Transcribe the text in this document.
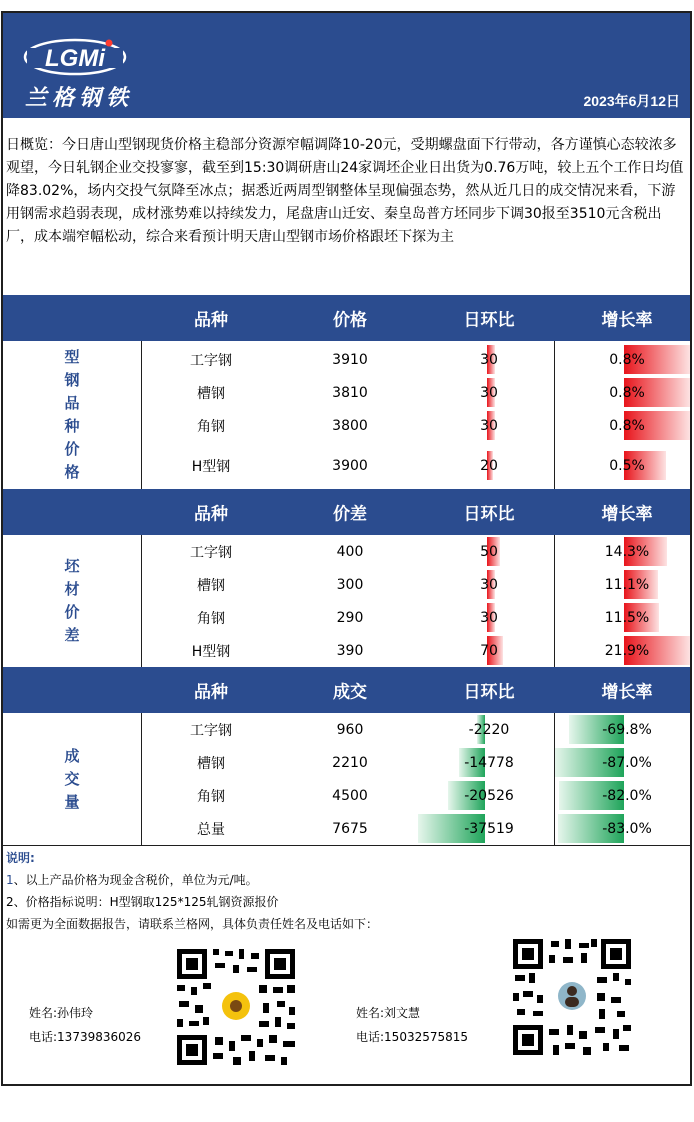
LGMi
兰格钢铁	2023年6月12日
日概览：今日唐山型钢现货价格主稳部分资源窄幅调降10-20元，受期螺盘面下行带动，各方谨慎心态较浓多观望，今日轧钢企业交投寥寥，截至到15:30调研唐山24家调坯企业日出货为0.76万吨，较上五个工作日均值降83.02%，场内交投气氛降至冰点；据悉近两周型钢整体呈现偏强态势，然从近几日的成交情况来看，下游用钢需求趋弱表现，成材涨势难以持续发力，尾盘唐山迁安、秦皇岛普方坯同步下调30报至3510元含税出厂，成本端窄幅松动，综合来看预计明天唐山型钢市场价格跟坯下探为主
品种	价格	日环比	增长率
型
钢
品
种
价
格
工字钢	3910	30	0.8%
槽钢	3810	30	0.8%
角钢	3800	30	0.8%
H型钢	3900	20	0.5%
品种	价差	日环比	增长率
坯
材
价
差
工字钢	400	50	14.3%
槽钢	300	30	11.1%
角钢	290	30	11.5%
H型钢	390	70	21.9%
品种	成交	日环比	增长率
成
交
量
工字钢	960	-2220	-69.8%
槽钢	2210	-14778	-87.0%
角钢	4500	-20526	-82.0%
总量	7675	-37519	-83.0%
说明:
1、以上产品价格为现金含税价，单位为元/吨。
2、价格指标说明：H型钢取125*125轧钢资源报价
如需更为全面数据报告，请联系兰格网，具体负责任姓名及电话如下：
姓名:孙伟玲
电话:13739836026
姓名:刘文慧
电话:15032575815
